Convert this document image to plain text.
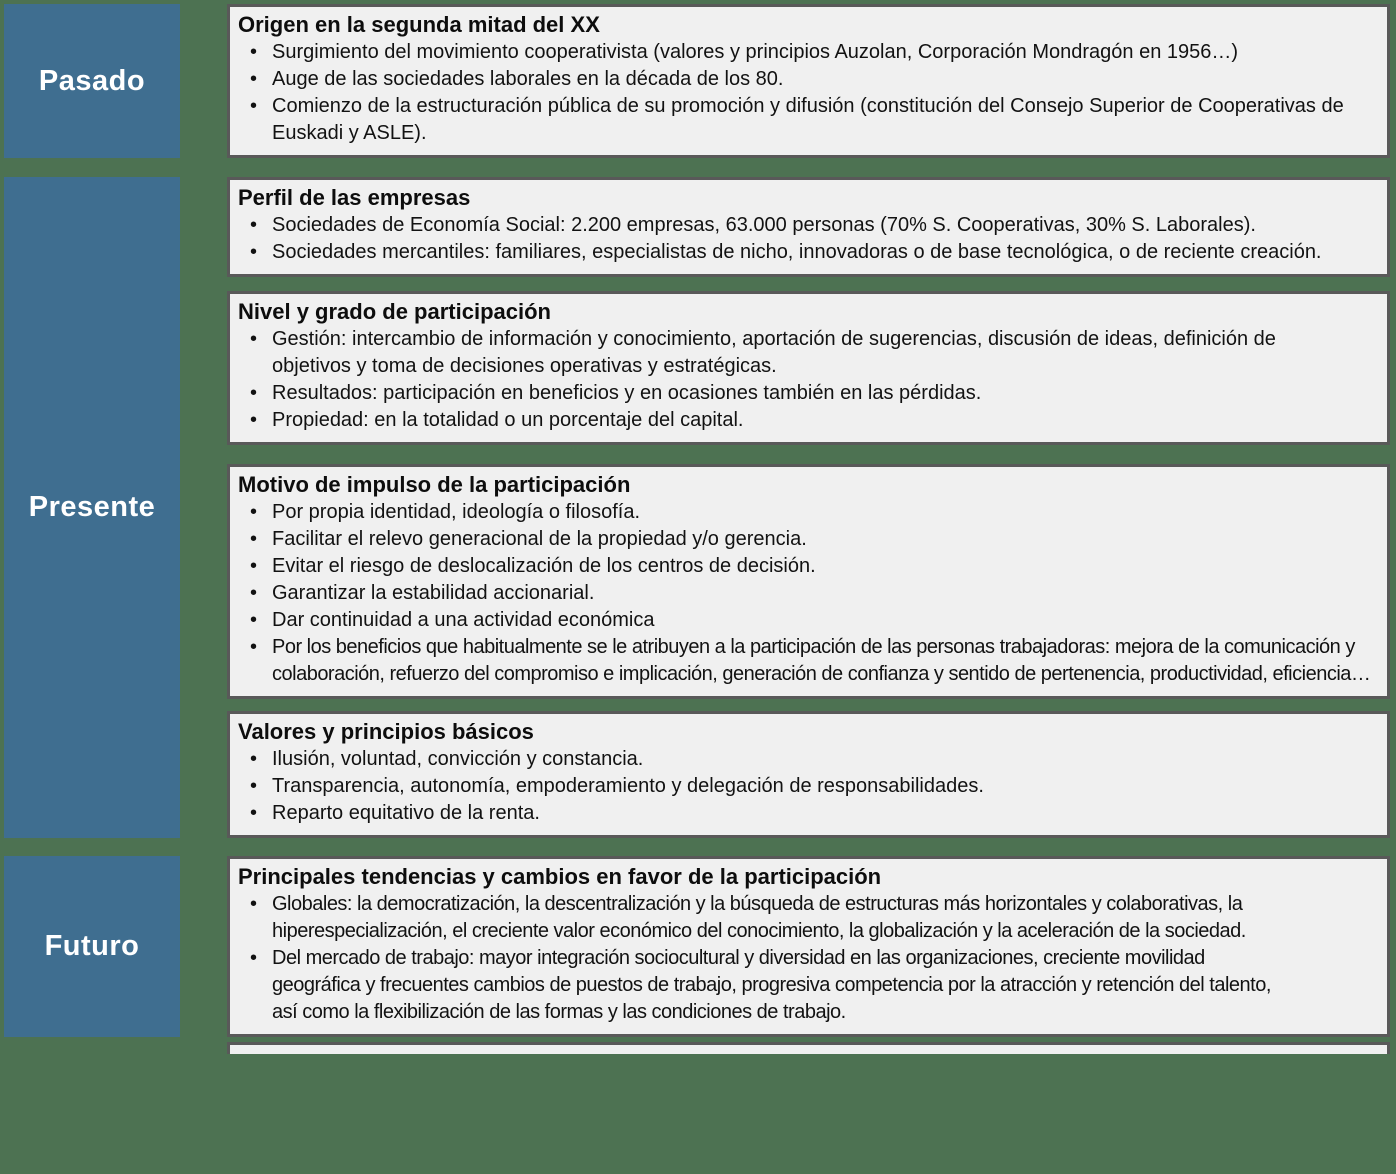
Pasado
Origen en la segunda mitad del XX
• Surgimiento del movimiento cooperativista (valores y principios Auzolan, Corporación Mondragón en 1956…)
• Auge de las sociedades laborales en la década de los 80.
• Comienzo de la estructuración pública de su promoción y difusión (constitución del Consejo Superior de Cooperativas de Euskadi y ASLE).
Presente
Perfil de las empresas
• Sociedades de Economía Social: 2.200 empresas, 63.000 personas (70% S. Cooperativas, 30% S. Laborales).
• Sociedades mercantiles: familiares, especialistas de nicho, innovadoras o de base tecnológica, o de reciente creación.
Nivel y grado de participación
• Gestión: intercambio de información y conocimiento, aportación de sugerencias, discusión de ideas, definición de objetivos y toma de decisiones operativas y estratégicas.
• Resultados: participación en beneficios y en ocasiones también en las pérdidas.
• Propiedad: en la totalidad o un porcentaje del capital.
Motivo de impulso de la participación
• Por propia identidad, ideología o filosofía.
• Facilitar el relevo generacional de la propiedad y/o gerencia.
• Evitar el riesgo de deslocalización de los centros de decisión.
• Garantizar la estabilidad accionarial.
• Dar continuidad a una actividad económica
• Por los beneficios que habitualmente se le atribuyen a la participación de las personas trabajadoras: mejora de la comunicación y colaboración, refuerzo del compromiso e implicación, generación de confianza y sentido de pertenencia, productividad, eficiencia…
Valores y principios básicos
• Ilusión, voluntad, convicción y constancia.
• Transparencia, autonomía, empoderamiento y delegación de responsabilidades.
• Reparto equitativo de la renta.
Futuro
Principales tendencias y cambios en favor de la participación
• Globales: la democratización, la descentralización y la búsqueda de estructuras más horizontales y colaborativas, la hiperespecialización, el creciente valor económico del conocimiento, la globalización y la aceleración de la sociedad.
• Del mercado de trabajo: mayor integración sociocultural y diversidad en las organizaciones, creciente movilidad geográfica y frecuentes cambios de puestos de trabajo, progresiva competencia por la atracción y retención del talento, así como la flexibilización de las formas y las condiciones de trabajo.
